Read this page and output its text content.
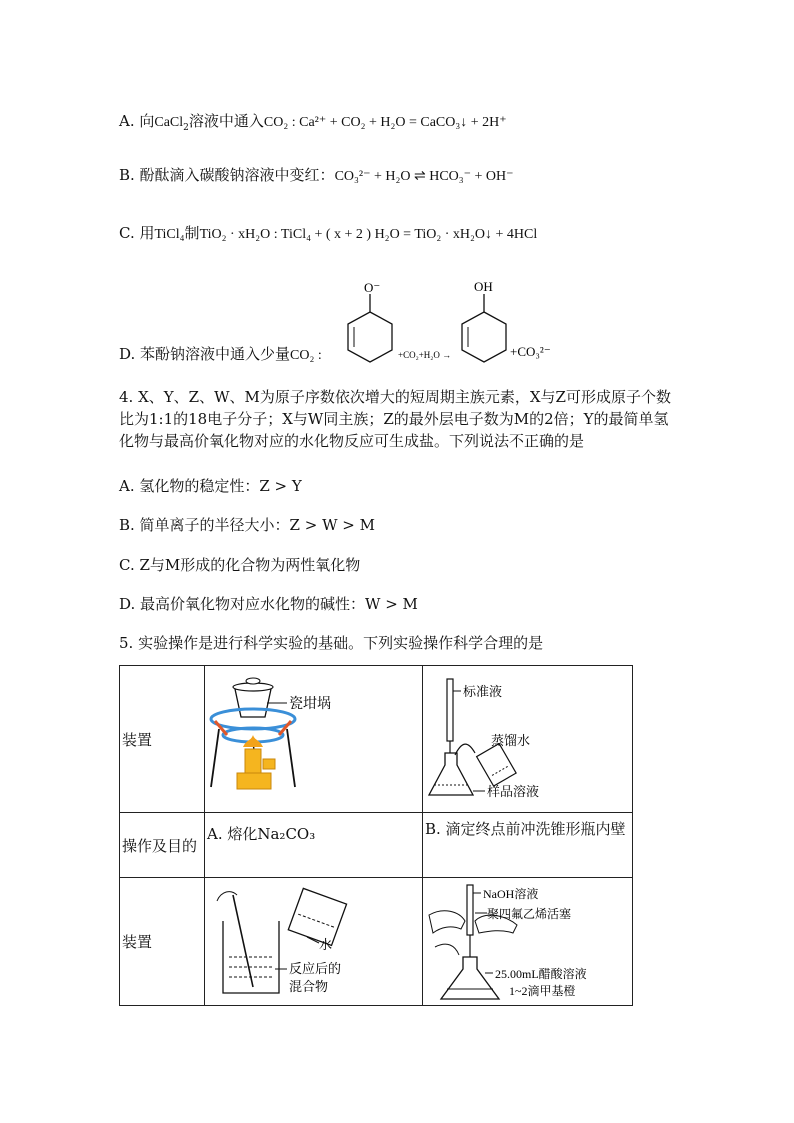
A. 向CaCl$_2$溶液中通入CO₂ : Ca²⁺ + CO₂ + H₂O = CaCO₃↓ + 2H⁺
B. 酚酞滴入碳酸钠溶液中变红：CO₃²⁻ + H₂O ⇌ HCO₃⁻ + OH⁻
C. 用TiCl₄制TiO₂ · xH₂O : TiCl₄ + ( x + 2 ) H₂O = TiO₂ · xH₂O↓ + 4HCl
D. 苯酚钠溶液中通入少量CO₂ :
O⁻
+CO₂+H₂O →
OH
+CO₃²⁻
4. X、Y、Z、W、M为原子序数依次增大的短周期主族元素，X与Z可形成原子个数比为1:1的18电子分子；X与W同主族；Z的最外层电子数为M的2倍；Y的最简单氢化物与最高价氧化物对应的水化物反应可生成盐。下列说法不正确的是
A. 氢化物的稳定性：Z > Y
B. 简单离子的半径大小：Z > W > M
C. Z与M形成的化合物为两性氧化物
D. 最高价氧化物对应水化物的碱性：W > M
5. 实验操作是进行科学实验的基础。下列实验操作科学合理的是
装置	瓷坩埚	标准液
样品溶液
蒸馏水

操作及目的	A. 熔化Na₂CO₃	B. 滴定终点前冲洗锥形瓶内壁
装置	水
反应后的
混合物	NaOH溶液
聚四氟乙烯活塞
25.00mL醋酸溶液
1~2滴甲基橙
